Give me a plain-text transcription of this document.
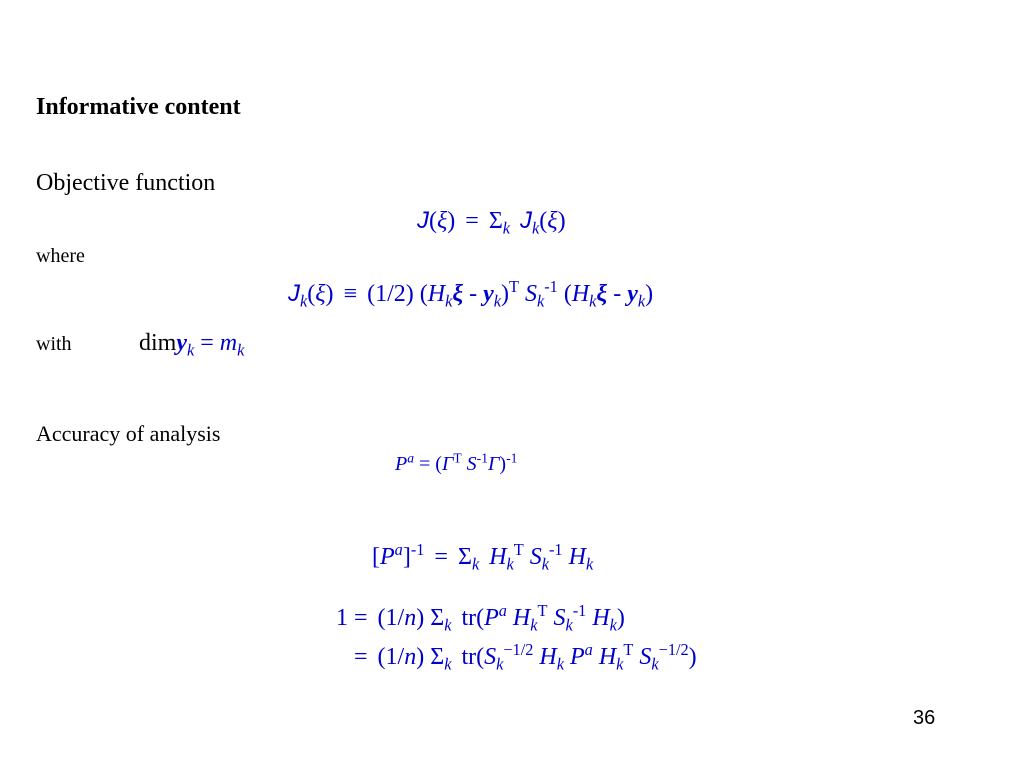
Informative content
Objective function
$J(\xi) = \Sigma_k$ $J_k(\xi)$
where
$J_k(\xi) \equiv (1/2)$ $(H_k\xi - y_k)^T$ $S_k^{-1}$ $(H_k\xi - y_k)$
with	dimy$_k$ = $m_k$
Accuracy of analysis
$P^a = (\Gamma^T$ $S^{-1}\Gamma)^{-1}$
$[P^a]^{-1} = \Sigma_k$ $H_k^T$ $S_k^{-1}$ $H_k$
1 = (1/n) $\Sigma_k$ $tr(P^a$ $H_k^T$ $S_k^{-1}$ $H_k$)
= (1/n) $\Sigma_k$ $tr(S_k^{-1/2}$ $H_k$ $P^a$ $H_k^T$ $S_k^{-1/2}$)
36
